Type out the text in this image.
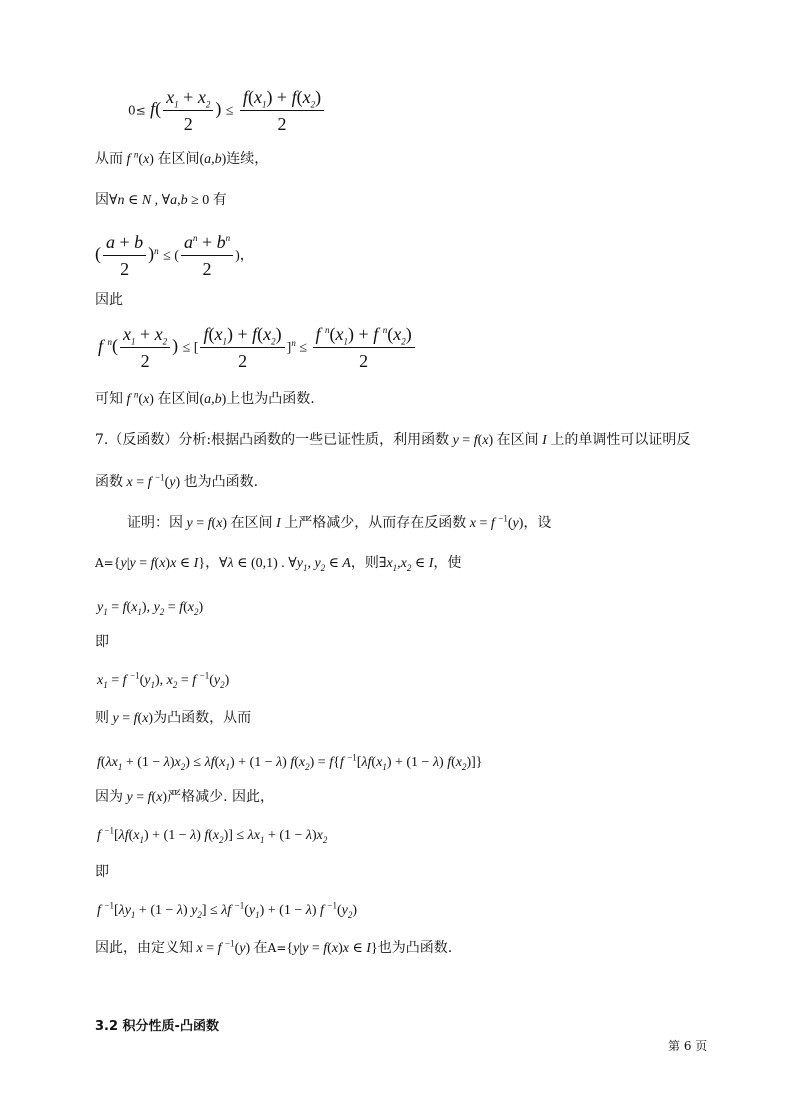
$0\le f( \frac{x_1 + x_2}{2}$ ) ≤ $\frac{f(x_1) + f(x_2)}{2}$
从而 f $^n$(x) 在区间(a,b)连续，
因∀n ∈ N , ∀a,b ≥ 0 有
( $\frac{a + b}{2} )^n$ ≤ ( $\frac{a^n + b^n}{2}$ )，
因此
f $^n( \frac{x_1 + x_2}{2}$ ) ≤ [ $\frac{f(x_1) + f(x_2)}{2} ]^n \le \frac{f ^n(x_1) + f ^n(x_2)}{2}$
可知 f $^n$(x) 在区间(a,b)上也为凸函数.
7.（反函数）分析:根据凸函数的一些已证性质，利用函数 y = f(x) 在区间 I 上的单调性可以证明反
函数 x = f $^{-1}$(y) 也为凸函数.
证明：因 y = f(x) 在区间 I 上严格减少，从而存在反函数 x = f $^{-1}$(y)，设
A={y|y = f(x)x ∈ I}，∀λ ∈ (0,1) . $\forall y_1$, $y_2$ ∈ A，则$\exists x_1,x_2$ ∈ I，使
$y_1 = f(x_1)$, $y_2 = f(x_2)$
即
$x_1 = f$ $^{-1}(y_1)$, $x_2 = f$ $^{-1}(y_2)$
则 y = f(x)为凸函数，从而
$f(\lambda x_1 + (1 - \lambda)x_2) \le \lambda f(x_1) + (1 - \lambda) f(x_2) = f\{f$ $^{-1}[\lambda f(x_1) + (1 - \lambda)$ $f(x_2)$]}
因为 y = f(x)严格减少. 因此，
f $^{-1}[\lambda f(x_1) + (1 - \lambda) f(x_2)] \le \lambda x_1 + (1 - \lambda)x_2$
即
f $^{-1}[\lambda y_1 + (1 - \lambda) y_2] \le \lambda f$ $^{-1}(y_1) + (1 - \lambda)$ f $^{-1}(y_2)$
因此，由定义知 x = f $^{-1}$(y) 在A={y|y = f(x)x ∈ I}也为凸函数.
3.2 积分性质-凸函数
第 6 页
